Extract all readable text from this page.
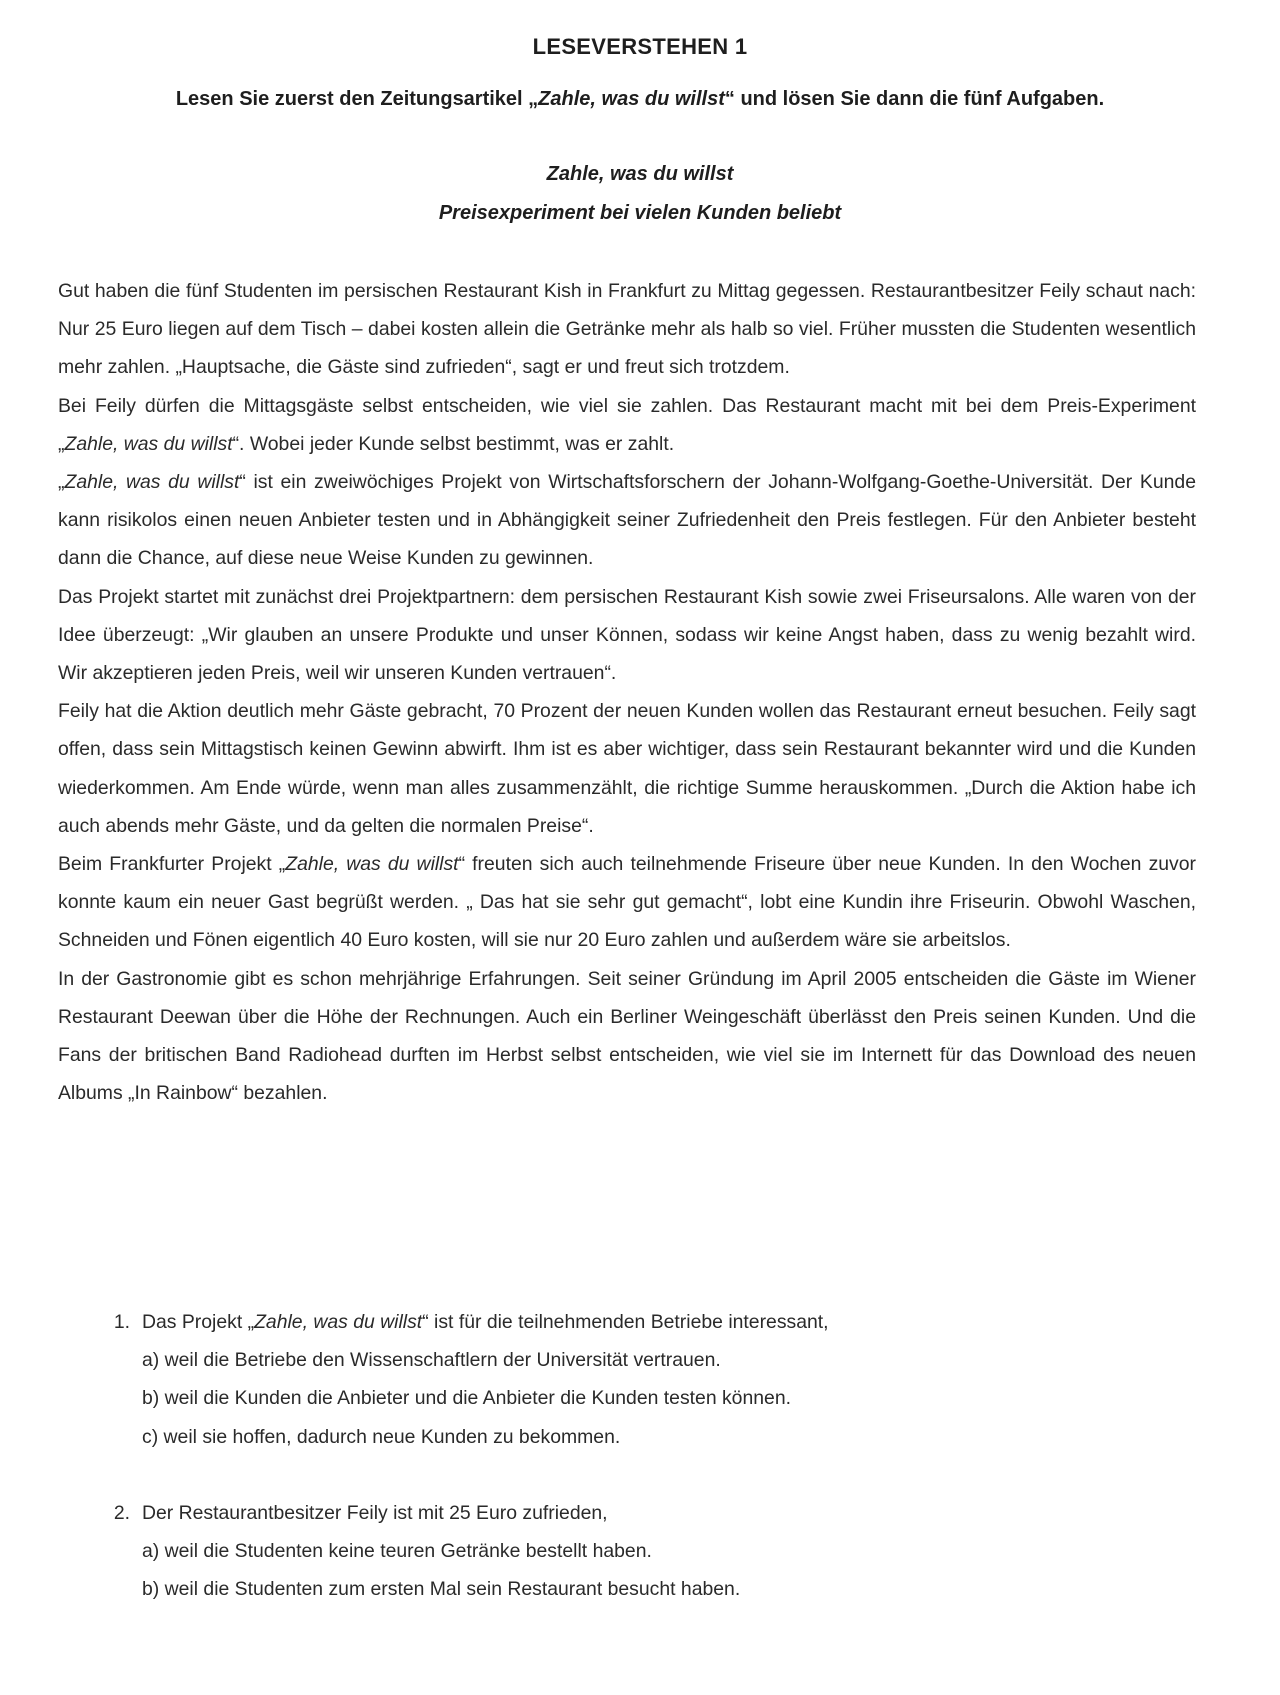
LESEVERSTEHEN 1
Lesen Sie zuerst den Zeitungsartikel „Zahle, was du willst“ und lösen Sie dann die fünf Aufgaben.
Zahle, was du willst
Preisexperiment bei vielen Kunden beliebt

Gut haben die fünf Studenten im persischen Restaurant Kish in Frankfurt zu Mittag gegessen. Restaurantbesitzer Feily schaut nach: Nur 25 Euro liegen auf dem Tisch – dabei kosten allein die Getränke mehr als halb so viel. Früher mussten die Studenten wesentlich mehr zahlen. „Hauptsache, die Gäste sind zufrieden“, sagt er und freut sich trotzdem.

Bei Feily dürfen die Mittagsgäste selbst entscheiden, wie viel sie zahlen. Das Restaurant macht mit bei dem Preis-Experiment „Zahle, was du willst“. Wobei jeder Kunde selbst bestimmt, was er zahlt.

„Zahle, was du willst“ ist ein zweiwöchiges Projekt von Wirtschaftsforschern der Johann-Wolfgang-Goethe-Universität. Der Kunde kann risikolos einen neuen Anbieter testen und in Abhängigkeit seiner Zufriedenheit den Preis festlegen. Für den Anbieter besteht dann die Chance, auf diese neue Weise Kunden zu gewinnen.

Das Projekt startet mit zunächst drei Projektpartnern: dem persischen Restaurant Kish sowie zwei Friseursalons. Alle waren von der Idee überzeugt: „Wir glauben an unsere Produkte und unser Können, sodass wir keine Angst haben, dass zu wenig bezahlt wird. Wir akzeptieren jeden Preis, weil wir unseren Kunden vertrauen“.

Feily hat die Aktion deutlich mehr Gäste gebracht, 70 Prozent der neuen Kunden wollen das Restaurant erneut besuchen. Feily sagt offen, dass sein Mittagstisch keinen Gewinn abwirft. Ihm ist es aber wichtiger, dass sein Restaurant bekannter wird und die Kunden wiederkommen. Am Ende würde, wenn man alles zusammenzählt, die richtige Summe herauskommen. „Durch die Aktion habe ich auch abends mehr Gäste, und da gelten die normalen Preise“.

Beim Frankfurter Projekt „Zahle, was du willst“ freuten sich auch teilnehmende Friseure über neue Kunden. In den Wochen zuvor konnte kaum ein neuer Gast begrüßt werden. „ Das hat sie sehr gut gemacht“, lobt eine Kundin ihre Friseurin. Obwohl Waschen, Schneiden und Fönen eigentlich 40 Euro kosten, will sie nur 20 Euro zahlen und außerdem wäre sie arbeitslos.

In der Gastronomie gibt es schon mehrjährige Erfahrungen. Seit seiner Gründung im April 2005 entscheiden die Gäste im Wiener Restaurant Deewan über die Höhe der Rechnungen. Auch ein Berliner Weingeschäft überlässt den Preis seinen Kunden. Und die Fans der britischen Band Radiohead durften im Herbst selbst entscheiden, wie viel sie im Internett für das Download des neuen Albums „In Rainbow“ bezahlen.

1. Das Projekt „Zahle, was du willst“ ist für die teilnehmenden Betriebe interessant,
a) weil die Betriebe den Wissenschaftlern der Universität vertrauen.
b) weil die Kunden die Anbieter und die Anbieter die Kunden testen können.
c) weil sie hoffen, dadurch neue Kunden zu bekommen.
2. Der Restaurantbesitzer Feily ist mit 25 Euro zufrieden,
a) weil die Studenten keine teuren Getränke bestellt haben.
b) weil die Studenten zum ersten Mal sein Restaurant besucht haben.
